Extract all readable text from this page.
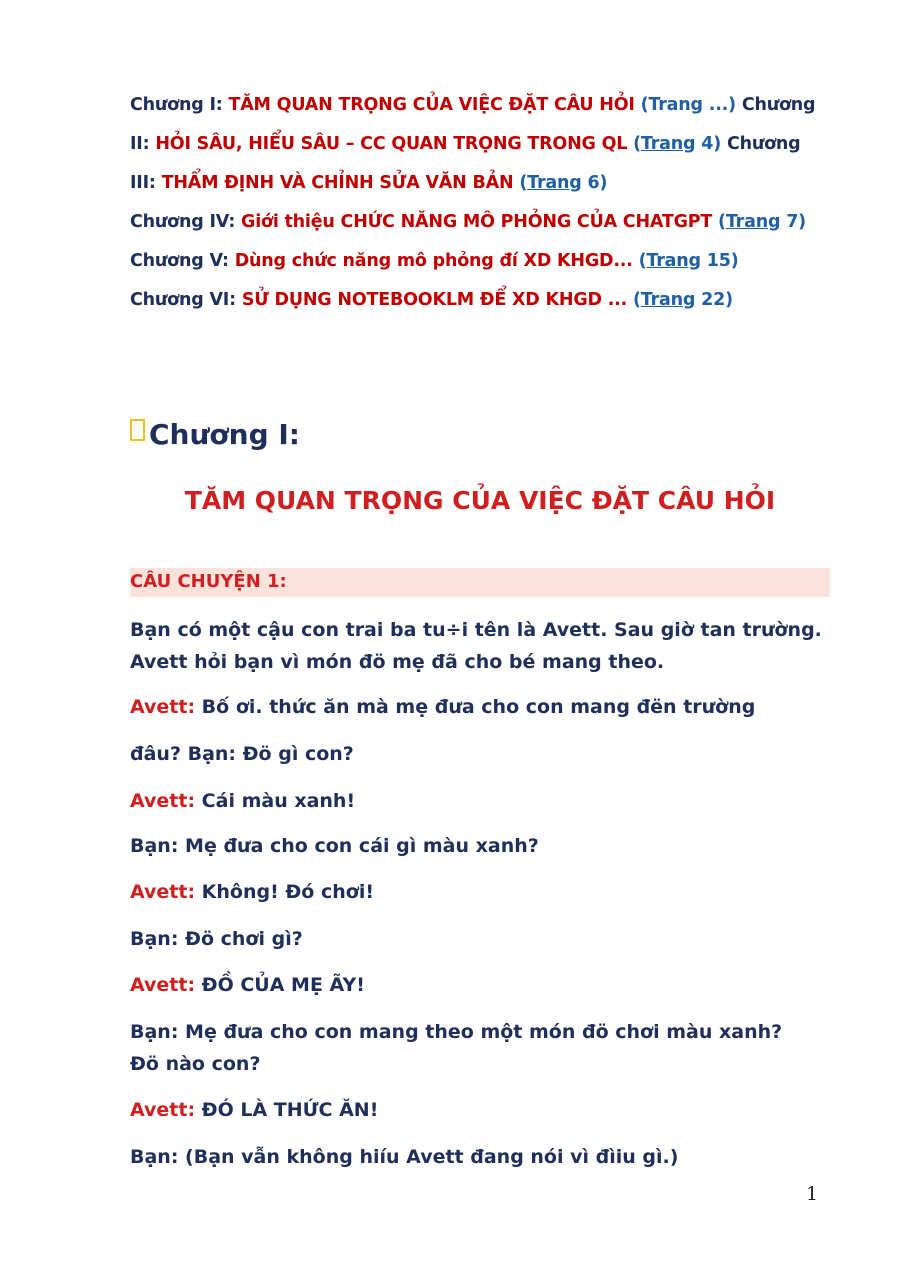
Chương I: TĂM QUAN TRỌNG CỦA VIỆC ĐẶT CÂU HỎI (Trang ...) Chương
II: HỎI SÂU, HIỂU SÂU – CC QUAN TRỌNG TRONG QL (Trang 4) Chương
III: THẨM ĐỊNH VÀ CHỈNH SỬA VĂN BẢN (Trang 6)
Chương IV: Giới thiệu CHỨC NĂNG MÔ PHỎNG CỦA CHATGPT (Trang 7)
Chương V: Dùng chức năng mô phỏng đí XD KHGD... (Trang 15)
Chương VI: SỬ DỤNG NOTEBOOKLM ĐỂ XD KHGD ... (Trang 22)
Chương I:
TĂM QUAN TRỌNG CỦA VIỆC ĐẶT CÂU HỎI
CÂU CHUYỆN 1:
Bạn có một cậu con trai ba tu÷i tên là Avett. Sau giờ tan trường.
Avett hỏi bạn vì món đö mẹ đã cho bé mang theo.
Avett: Bố ơi. thức ăn mà mẹ đưa cho con mang đën trường
đâu? Bạn: Đö gì con?
Avett: Cái màu xanh!
Bạn: Mẹ đưa cho con cái gì màu xanh?
Avett: Không! Đó chơi!
Bạn: Đö chơi gì?
Avett: ĐỒ CỦA MẸ ÃY!
Bạn: Mẹ đưa cho con mang theo một món đö chơi màu xanh?
Đö nào con?
Avett: ĐÓ LÀ THỨC ĂN!
Bạn: (Bạn vẫn không hiíu Avett đang nói vì đìiu gì.)
1
